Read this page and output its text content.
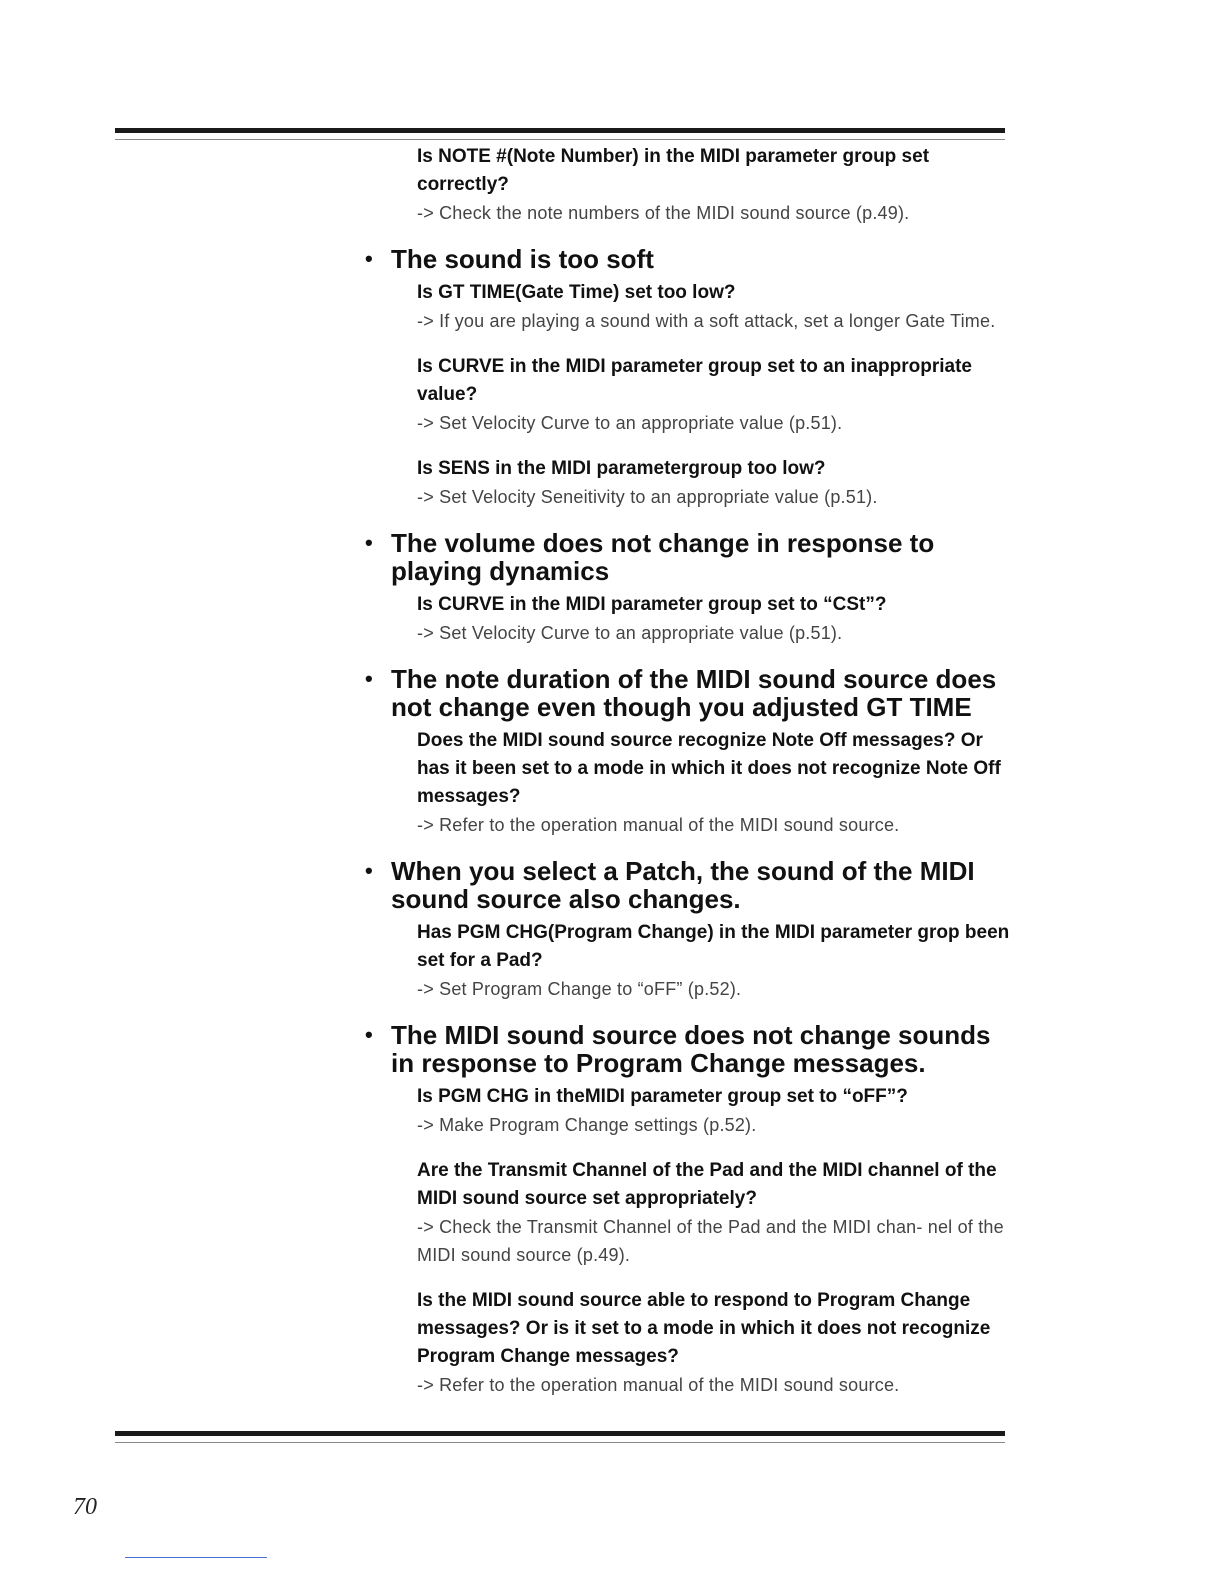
Is NOTE #(Note Number) in the MIDI parameter group set correctly?

-> Check the note numbers of the MIDI sound source (p.49).

• The sound is too soft

Is GT TIME(Gate Time) set too low?

-> If you are playing a sound with a soft attack, set a longer Gate Time.

Is CURVE in the MIDI parameter group set to an inappropriate value?

-> Set Velocity Curve to an appropriate value (p.51).

Is SENS in the MIDI parametergroup too low?

-> Set Velocity Seneitivity to an appropriate value (p.51).

• The volume does not change in response to playing dynamics

Is CURVE in the MIDI parameter group set to “CSt”?

-> Set Velocity Curve to an appropriate value (p.51).

• The note duration of the MIDI sound source does not change even though you adjusted GT TIME

Does the MIDI sound source recognize Note Off messages? Or has it been set to a mode in which it does not recognize Note Off messages?

-> Refer to the operation manual of the MIDI sound source.

• When you select a Patch, the sound of the MIDI sound source also changes.

Has PGM CHG(Program Change) in the MIDI parameter grop been set for a Pad?

-> Set Program Change to “oFF” (p.52).

• The MIDI sound source does not change sounds in response to Program Change messages.

Is PGM CHG in theMIDI parameter group set to “oFF”?

-> Make Program Change settings (p.52).

Are the Transmit Channel of the Pad and the MIDI channel of the MIDI sound source set appropriately?

-> Check the Transmit Channel of the Pad and the MIDI chan- nel of the MIDI sound source (p.49).

Is the MIDI sound source able to respond to Program Change messages? Or is it set to a mode in which it does not recognize Program Change messages?

-> Refer to the operation manual of the MIDI sound source.

70
